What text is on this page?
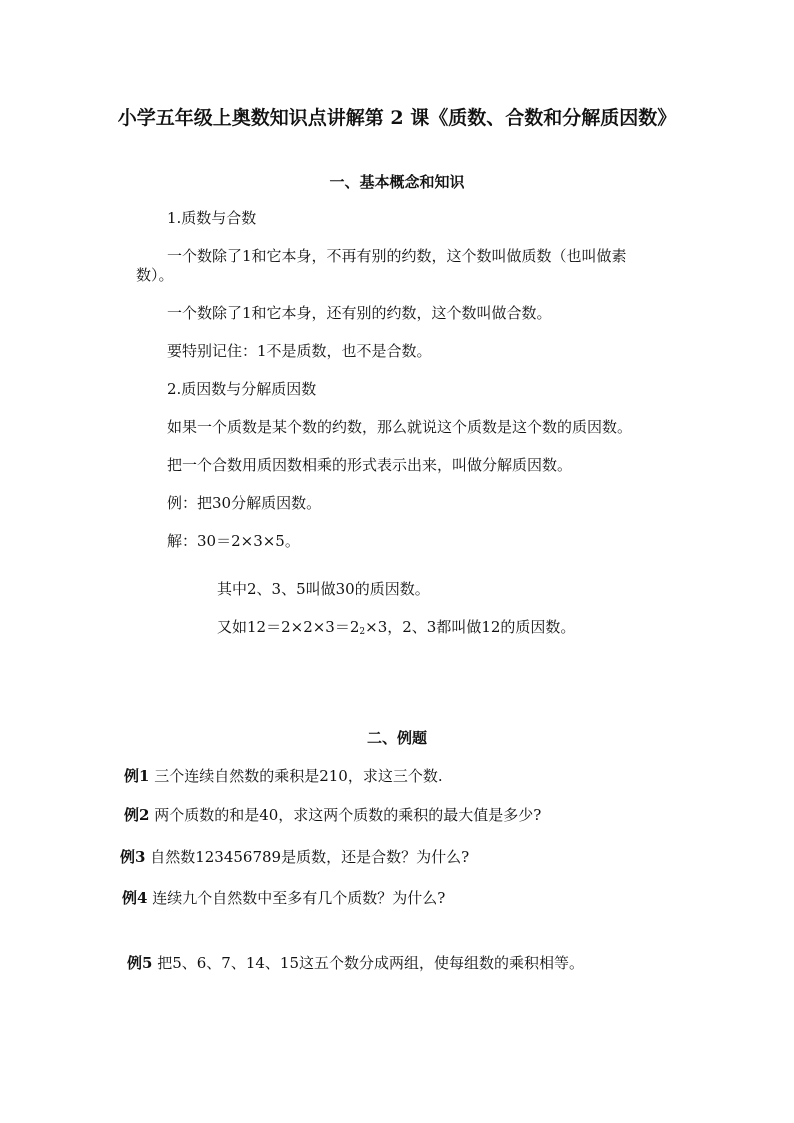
小学五年级上奥数知识点讲解第 2 课《质数、合数和分解质因数》
一、基本概念和知识
1.质数与合数
一个数除了1和它本身，不再有别的约数，这个数叫做质数（也叫做素
数）。
一个数除了1和它本身，还有别的约数，这个数叫做合数。
要特别记住：1不是质数，也不是合数。
2.质因数与分解质因数
如果一个质数是某个数的约数，那么就说这个质数是这个数的质因数。
把一个合数用质因数相乘的形式表示出来，叫做分解质因数。
例：把30分解质因数。
解：30＝2×3×5。
其中2、3、5叫做30的质因数。
又如$12=2\times 2\times 3=2_2\times 3$，2、3都叫做12的质因数。
二、例题
例1 三个连续自然数的乘积是210，求这三个数.
例2 两个质数的和是40，求这两个质数的乘积的最大值是多少?
例3 自然数123456789是质数，还是合数？为什么?
例4 连续九个自然数中至多有几个质数？为什么?
例5 把5、6、7、14、15这五个数分成两组，使每组数的乘积相等。
